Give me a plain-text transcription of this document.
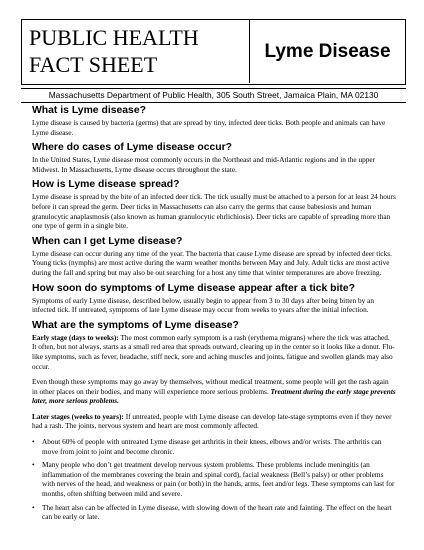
PUBLIC HEALTH
FACT SHEET
Lyme Disease
Massachusetts Department of Public Health, 305 South Street, Jamaica Plain, MA 02130
What is Lyme disease?

Lyme disease is caused by bacteria (germs) that are spread by tiny, infected deer ticks. Both people and animals can have Lyme disease.

Where do cases of Lyme disease occur?

In the United States, Lyme disease most commonly occurs in the Northeast and mid-Atlantic regions and in the upper Midwest. In Massachusetts, Lyme disease occurs throughout the state.

How is Lyme disease spread?

Lyme disease is spread by the bite of an infected deer tick. The tick usually must be attached to a person for at least 24 hours before it can spread the germ. Deer ticks in Massachusetts can also carry the germs that cause babesiosis and human granulocytic anaplasmosis (also known as human granulocytic ehrlichiosis). Deer ticks are capable of spreading more than one type of germ in a single bite.

When can I get Lyme disease?

Lyme disease can occur during any time of the year. The bacteria that cause Lyme disease are spread by infected deer ticks. Young ticks (nymphs) are most active during the warm weather months between May and July. Adult ticks are most active during the fall and spring but may also be out searching for a host any time that winter temperatures are above freezing.

How soon do symptoms of Lyme disease appear after a tick bite?

Symptoms of early Lyme disease, described below, usually begin to appear from 3 to 30 days after being bitten by an infected tick. If untreated, symptoms of late Lyme disease may occur from weeks to years after the initial infection.

What are the symptoms of Lyme disease?

Early stage (days to weeks): The most common early symptom is a rash (erythema migrans) where the tick was attached. It often, but not always, starts as a small red area that spreads outward, clearing up in the center so it looks like a donut. Flu-like symptoms, such as fever, headache, stiff neck, sore and aching muscles and joints, fatigue and swollen glands may also occur.

Even though these symptoms may go away by themselves, without medical treatment, some people will get the rash again in other places on their bodies, and many will experience more serious problems. Treatment during the early stage prevents later, more serious problems.

Later stages (weeks to years): If untreated, people with Lyme disease can develop late-stage symptoms even if they never had a rash. The joints, nervous system and heart are most commonly affected.

• About 60% of people with untreated Lyme disease get arthritis in their knees, elbows and/or wrists. The arthritis can move from joint to joint and become chronic.
• Many people who don’t get treatment develop nervous system problems. These problems include meningitis (an inflammation of the membranes covering the brain and spinal cord), facial weakness (Bell’s palsy) or other problems with nerves of the head, and weakness or pain (or both) in the hands, arms, feet and/or legs. These symptoms can last for months, often shifting between mild and severe.
• The heart also can be affected in Lyme disease, with slowing down of the heart rate and fainting. The effect on the heart can be early or late.
